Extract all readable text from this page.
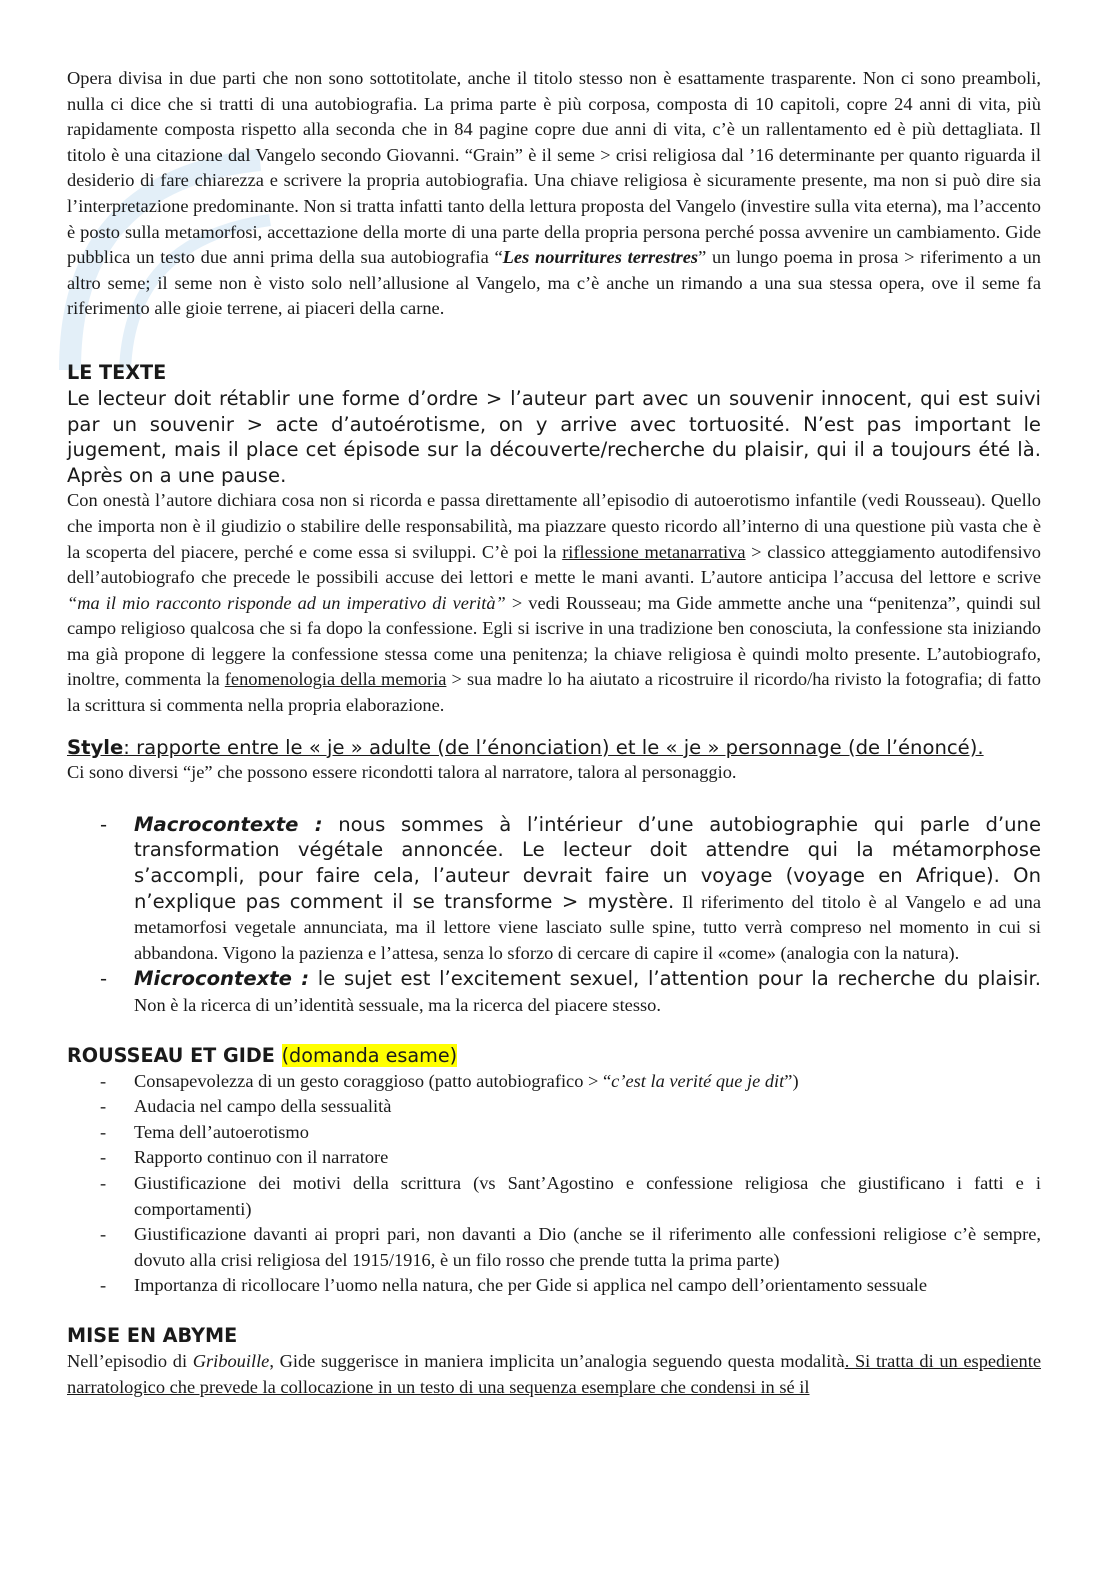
Opera divisa in due parti che non sono sottotitolate, anche il titolo stesso non è esattamente trasparente. Non ci sono preamboli, nulla ci dice che si tratti di una autobiografia. La prima parte è più corposa, composta di 10 capitoli, copre 24 anni di vita, più rapidamente composta rispetto alla seconda che in 84 pagine copre due anni di vita, c’è un rallentamento ed è più dettagliata. Il titolo è una citazione dal Vangelo secondo Giovanni. “Grain” è il seme > crisi religiosa dal ’16 determinante per quanto riguarda il desiderio di fare chiarezza e scrivere la propria autobiografia. Una chiave religiosa è sicuramente presente, ma non si può dire sia l’interpretazione predominante. Non si tratta infatti tanto della lettura proposta del Vangelo (investire sulla vita eterna), ma l’accento è posto sulla metamorfosi, accettazione della morte di una parte della propria persona perché possa avvenire un cambiamento. Gide pubblica un testo due anni prima della sua autobiografia “Les nourritures terrestres” un lungo poema in prosa > riferimento a un altro seme; il seme non è visto solo nell’allusione al Vangelo, ma c’è anche un rimando a una sua stessa opera, ove il seme fa riferimento alle gioie terrene, ai piaceri della carne.

LE TEXTE

Le lecteur doit rétablir une forme d’ordre > l’auteur part avec un souvenir innocent, qui est suivi par un souvenir > acte d’autoérotisme, on y arrive avec tortuosité. N’est pas important le jugement, mais il place cet épisode sur la découverte/recherche du plaisir, qui il a toujours été là. Après on a une pause.

Con onestà l’autore dichiara cosa non si ricorda e passa direttamente all’episodio di autoerotismo infantile (vedi Rousseau). Quello che importa non è il giudizio o stabilire delle responsabilità, ma piazzare questo ricordo all’interno di una questione più vasta che è la scoperta del piacere, perché e come essa si sviluppi. C’è poi la riflessione metanarrativa > classico atteggiamento autodifensivo dell’autobiografo che precede le possibili accuse dei lettori e mette le mani avanti. L’autore anticipa l’accusa del lettore e scrive “ma il mio racconto risponde ad un imperativo di verità” > vedi Rousseau; ma Gide ammette anche una “penitenza”, quindi sul campo religioso qualcosa che si fa dopo la confessione. Egli si iscrive in una tradizione ben conosciuta, la confessione sta iniziando ma già propone di leggere la confessione stessa come una penitenza; la chiave religiosa è quindi molto presente. L’autobiografo, inoltre, commenta la fenomenologia della memoria > sua madre lo ha aiutato a ricostruire il ricordo/ha rivisto la fotografia; di fatto la scrittura si commenta nella propria elaborazione.

Style: rapporte entre le « je » adulte (de l’énonciation) et le « je » personnage (de l’énoncé).

Ci sono diversi “je” che possono essere ricondotti talora al narratore, talora al personaggio.

- Macrocontexte : nous sommes à l’intérieur d’une autobiographie qui parle d’une transformation végétale annoncée. Le lecteur doit attendre qui la métamorphose s’accompli, pour faire cela, l’auteur devrait faire un voyage (voyage en Afrique). On n’explique pas comment il se transforme > mystère. Il riferimento del titolo è al Vangelo e ad una metamorfosi vegetale annunciata, ma il lettore viene lasciato sulle spine, tutto verrà compreso nel momento in cui si abbandona. Vigono la pazienza e l’attesa, senza lo sforzo di cercare di capire il «come» (analogia con la natura).
- Microcontexte : le sujet est l’excitement sexuel, l’attention pour la recherche du plaisir. Non è la ricerca di un’identità sessuale, ma la ricerca del piacere stesso.
ROUSSEAU ET GIDE (domanda esame)
- Consapevolezza di un gesto coraggioso (patto autobiografico > “c’est la verité que je dit”)
- Audacia nel campo della sessualità
- Tema dell’autoerotismo
- Rapporto continuo con il narratore
- Giustificazione dei motivi della scrittura (vs Sant’Agostino e confessione religiosa che giustificano i fatti e i comportamenti)
- Giustificazione davanti ai propri pari, non davanti a Dio (anche se il riferimento alle confessioni religiose c’è sempre, dovuto alla crisi religiosa del 1915/1916, è un filo rosso che prende tutta la prima parte)
- Importanza di ricollocare l’uomo nella natura, che per Gide si applica nel campo dell’orientamento sessuale
MISE EN ABYME

Nell’episodio di Gribouille, Gide suggerisce in maniera implicita un’analogia seguendo questa modalità. Si tratta di un espediente narratologico che prevede la collocazione in un testo di una sequenza esemplare che condensi in sé il
